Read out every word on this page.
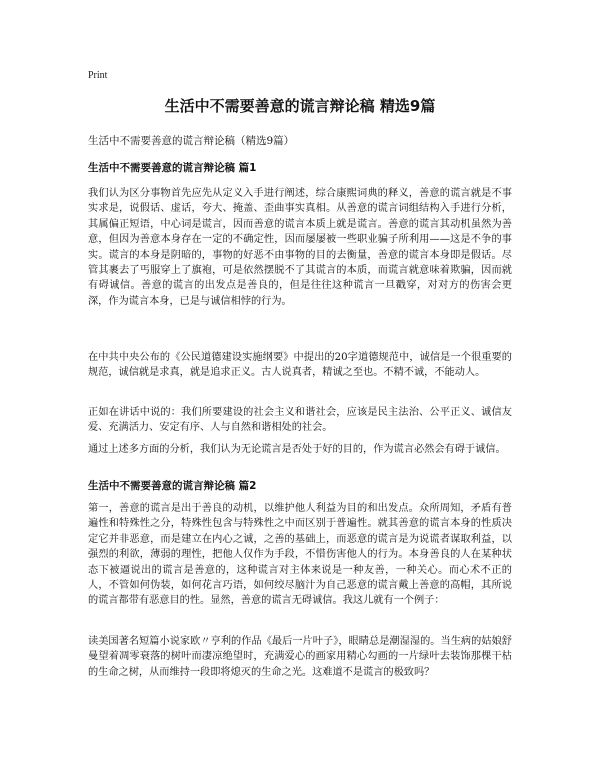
Print
生活中不需要善意的谎言辩论稿 精选9篇
生活中不需要善意的谎言辩论稿（精选9篇）
生活中不需要善意的谎言辩论稿 篇1
我们认为区分事物首先应先从定义入手进行阐述，综合康熙词典的释义，善意的谎言就是不事实求是，说假话、虚话，夸大、掩盖、歪曲事实真相。从善意的谎言词组结构入手进行分析，其属偏正短语，中心词是谎言，因而善意的谎言本质上就是谎言。善意的谎言其动机虽然为善意，但因为善意本身存在一定的不确定性，因而屡屡被一些职业骗子所利用——这是不争的事实。谎言的本身是阴暗的，事物的好恶不由事物的目的去衡量，善意的谎言本身即是假话。尽管其裹去了丐服穿上了旗袍，可是依然摆脱不了其谎言的本质，而谎言就意味着欺骗，因而就有碍诚信。善意的谎言的出发点是善良的，但是往往这种谎言一旦戳穿，对对方的伤害会更深，作为谎言本身，已是与诚信相悖的行为。
在中共中央公布的《公民道德建设实施纲要》中提出的20字道德规范中，诚信是一个很重要的规范，诚信就是求真，就是追求正义。古人说真者，精诚之至也。不精不诚，不能动人。
正如在讲话中说的：我们所要建设的社会主义和谐社会，应该是民主法治、公平正义、诚信友爱、充满活力、安定有序、人与自然和谐相处的社会。
通过上述多方面的分析，我们认为无论谎言是否处于好的目的，作为谎言必然会有碍于诚信。
生活中不需要善意的谎言辩论稿 篇2
第一，善意的谎言是出于善良的动机，以维护他人利益为目的和出发点。众所周知，矛盾有普遍性和特殊性之分，特殊性包含与特殊性之中而区别于普遍性。就其善意的谎言本身的性质决定它并非恶意，而是建立在内心之诚，之善的基础上，而恶意的谎言是为说谎者谋取利益，以强烈的利欲，薄弱的理性，把他人仅作为手段，不惜伤害他人的行为。本身善良的人在某种状态下被逼说出的谎言是善意的，这种谎言对主体来说是一种友善，一种关心。而心术不正的人，不管如何伪装，如何花言巧语，如何绞尽脑汁为自己恶意的谎言戴上善意的高帽，其所说的谎言都带有恶意目的性。显然，善意的谎言无碍诚信。我这儿就有一个例子：
读美国著名短篇小说家欧〃亨利的作品《最后一片叶子》，眼睛总是潮湿湿的。当生病的姑娘舒曼望着凋零衰落的树叶而凄凉绝望时，充满爱心的画家用精心勾画的一片绿叶去装饰那棵干枯的生命之树，从而维持一段即将熄灭的生命之光。这难道不是谎言的极致吗？
